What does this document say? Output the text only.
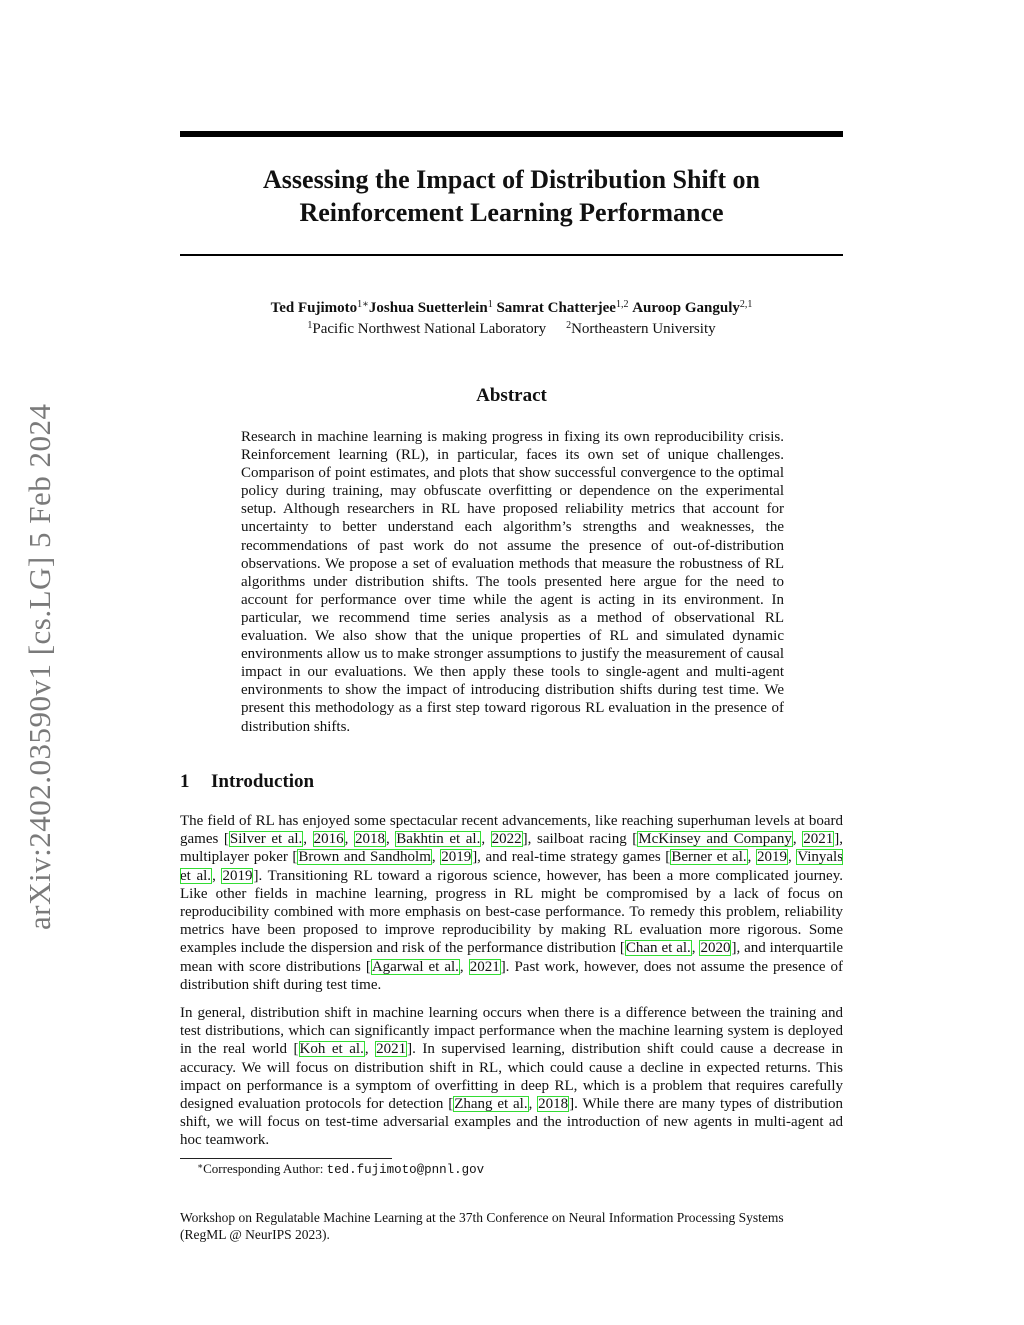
arXiv:2402.03590v1 [cs.LG] 5 Feb 2024
Assessing the Impact of Distribution Shift on
Reinforcement Learning Performance
Ted Fujimoto$^{1∗}$Joshua Suetterlein$^1$ Samrat Chatterjee$^{1,2}$ Auroop Ganguly$^{2,1}$
$^1$Pacific Northwest National Laboratory $^2$Northeastern University
Abstract
Research in machine learning is making progress in fixing its own reproducibility crisis. Reinforcement learning (RL), in particular, faces its own set of unique challenges. Comparison of point estimates, and plots that show successful convergence to the optimal policy during training, may obfuscate overfitting or dependence on the experimental setup. Although researchers in RL have proposed reliability metrics that account for uncertainty to better understand each algorithm’s strengths and weaknesses, the recommendations of past work do not assume the presence of out-of-distribution observations. We propose a set of evaluation methods that measure the robustness of RL algorithms under distribution shifts. The tools presented here argue for the need to account for performance over time while the agent is acting in its environment. In particular, we recommend time series analysis as a method of observational RL evaluation. We also show that the unique properties of RL and simulated dynamic environments allow us to make stronger assumptions to justify the measurement of causal impact in our evaluations. We then apply these tools to single-agent and multi-agent environments to show the impact of introducing distribution shifts during test time. We present this methodology as a first step toward rigorous RL evaluation in the presence of distribution shifts.
1 Introduction
The field of RL has enjoyed some spectacular recent advancements, like reaching superhuman levels at board games [Silver et al., 2016, 2018, Bakhtin et al., 2022], sailboat racing [McKinsey and Company, 2021], multiplayer poker [Brown and Sandholm, 2019], and real-time strategy games [Berner et al., 2019, Vinyals et al., 2019]. Transitioning RL toward a rigorous science, however, has been a more complicated journey. Like other fields in machine learning, progress in RL might be compromised by a lack of focus on reproducibility combined with more emphasis on best-case performance. To remedy this problem, reliability metrics have been proposed to improve reproducibility by making RL evaluation more rigorous. Some examples include the dispersion and risk of the performance distribution [Chan et al., 2020], and interquartile mean with score distributions [Agarwal et al., 2021]. Past work, however, does not assume the presence of distribution shift during test time.
In general, distribution shift in machine learning occurs when there is a difference between the training and test distributions, which can significantly impact performance when the machine learning system is deployed in the real world [Koh et al., 2021]. In supervised learning, distribution shift could cause a decrease in accuracy. We will focus on distribution shift in RL, which could cause a decline in expected returns. This impact on performance is a symptom of overfitting in deep RL, which is a problem that requires carefully designed evaluation protocols for detection [Zhang et al., 2018]. While there are many types of distribution shift, we will focus on test-time adversarial examples and the introduction of new agents in multi-agent ad hoc teamwork.
∗Corresponding Author: ted.fujimoto@pnnl.gov
Workshop on Regulatable Machine Learning at the 37th Conference on Neural Information Processing Systems
(RegML @ NeurIPS 2023).
